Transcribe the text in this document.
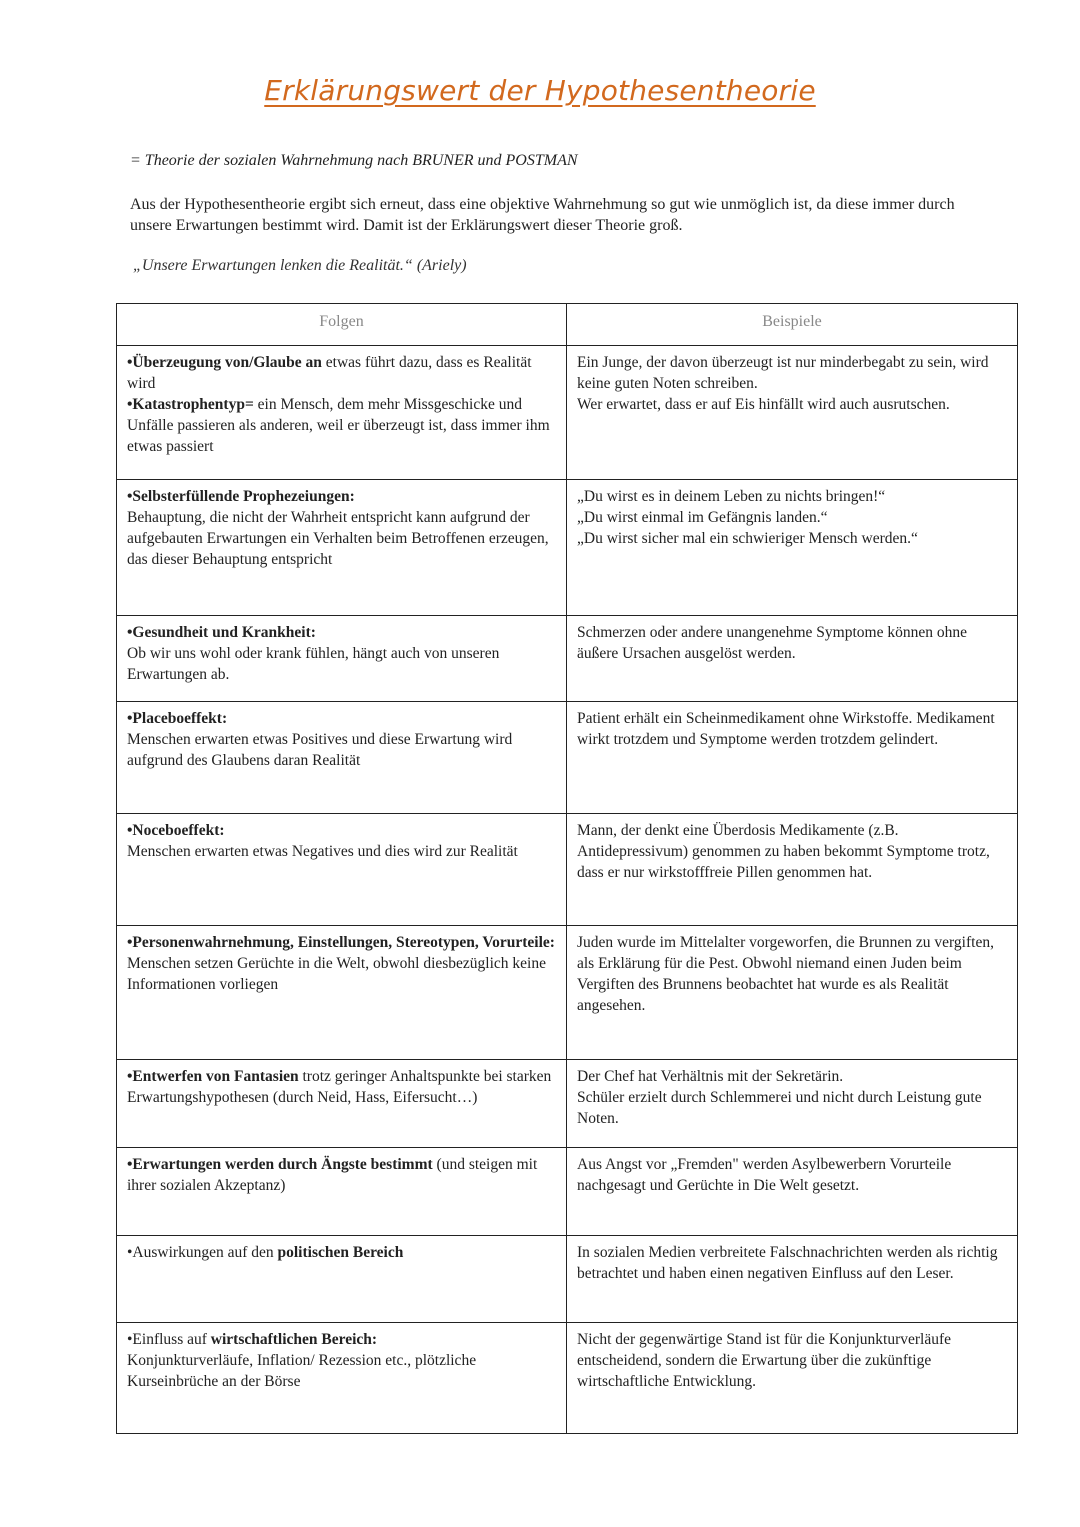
Erklärungswert der Hypothesentheorie

= Theorie der sozialen Wahrnehmung nach BRUNER und POSTMAN

Aus der Hypothesentheorie ergibt sich erneut, dass eine objektive Wahrnehmung so gut wie unmöglich ist, da diese immer durch unsere Erwartungen bestimmt wird. Damit ist der Erklärungswert dieser Theorie groß.

„Unsere Erwartungen lenken die Realität.“ (Ariely)

Folgen	Beispiele
•Überzeugung von/Glaube an etwas führt dazu, dass es Realität wird
•Katastrophentyp= ein Mensch, dem mehr Missgeschicke und Unfälle passieren als anderen, weil er überzeugt ist, dass immer ihm etwas passiert	Ein Junge, der davon überzeugt ist nur minderbegabt zu sein, wird keine guten Noten schreiben.
Wer erwartet, dass er auf Eis hinfällt wird auch ausrutschen.

•Selbsterfüllende Prophezeiungen:
Behauptung, die nicht der Wahrheit entspricht kann aufgrund der aufgebauten Erwartungen ein Verhalten beim Betroffenen erzeugen, das dieser Behauptung entspricht	„Du wirst es in deinem Leben zu nichts bringen!“
„Du wirst einmal im Gefängnis landen.“
„Du wirst sicher mal ein schwieriger Mensch werden.“

•Gesundheit und Krankheit:
Ob wir uns wohl oder krank fühlen, hängt auch von unseren Erwartungen ab.	Schmerzen oder andere unangenehme Symptome können ohne äußere Ursachen ausgelöst werden.

•Placeboeffekt:
Menschen erwarten etwas Positives und diese Erwartung wird aufgrund des Glaubens daran Realität	Patient erhält ein Scheinmedikament ohne Wirkstoffe. Medikament wirkt trotzdem und Symptome werden trotzdem gelindert.

•Noceboeffekt:
Menschen erwarten etwas Negatives und dies wird zur Realität	Mann, der denkt eine Überdosis Medikamente (z.B. Antidepressivum) genommen zu haben bekommt Symptome trotz, dass er nur wirkstofffreie Pillen genommen hat.

•Personenwahrnehmung, Einstellungen, Stereotypen, Vorurteile:
Menschen setzen Gerüchte in die Welt, obwohl diesbezüglich keine Informationen vorliegen	Juden wurde im Mittelalter vorgeworfen, die Brunnen zu vergiften, als Erklärung für die Pest. Obwohl niemand einen Juden beim Vergiften des Brunnens beobachtet hat wurde es als Realität angesehen.
•Entwerfen von Fantasien trotz geringer Anhaltspunkte bei starken Erwartungshypothesen (durch Neid, Hass, Eifersucht…)	Der Chef hat Verhältnis mit der Sekretärin.
Schüler erzielt durch Schlemmerei und nicht durch Leistung gute Noten.

•Erwartungen werden durch Ängste bestimmt (und steigen mit ihrer sozialen Akzeptanz)	Aus Angst vor „Fremden" werden Asylbewerbern Vorurteile nachgesagt und Gerüchte in Die Welt gesetzt.
•Auswirkungen auf den politischen Bereich	In sozialen Medien verbreitete Falschnachrichten werden als richtig betrachtet und haben einen negativen Einfluss auf den Leser.
•Einfluss auf wirtschaftlichen Bereich:
Konjunkturverläufe, Inflation/ Rezession etc., plötzliche Kurseinbrüche an der Börse	Nicht der gegenwärtige Stand ist für die Konjunkturverläufe entscheidend, sondern die Erwartung über die zukünftige wirtschaftliche Entwicklung.
